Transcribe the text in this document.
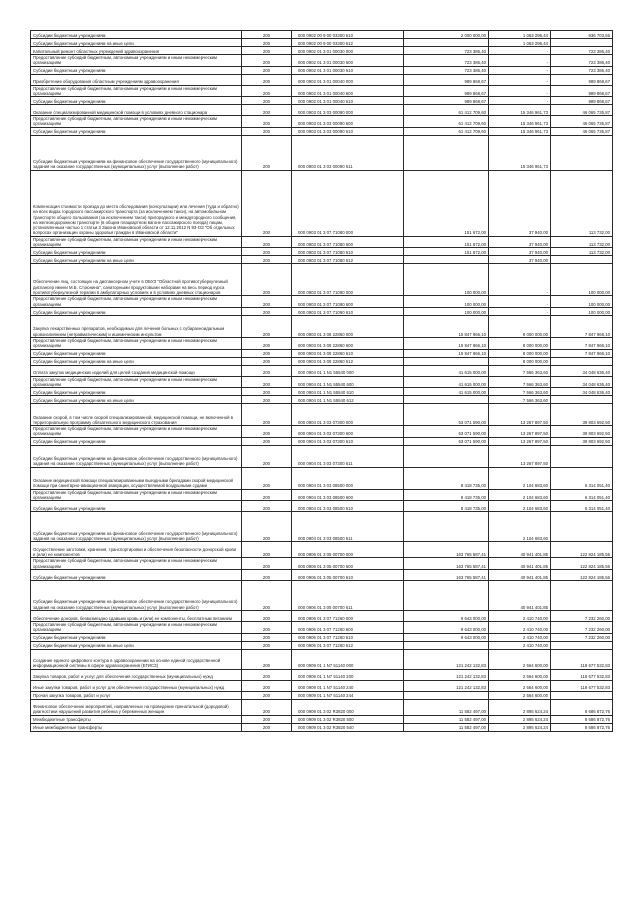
Субсидии бюджетным учреждениям	200	000 0902 00 9 00 03300 610	2 000 000,00	1 063 296,44	936 703,56
Субсидии бюджетным учреждениям на иные цели	200	000 0902 00 9 00 03300 612		1 063 296,44	
Капитальный ремонт областных учреждений здравоохранения	200	000 0902 01 3 01 00030 000	723 386,40	-	723 386,40
Предоставление субсидий бюджетным, автономным учреждениям и иным некоммерческим организациям	200	000 0902 01 3 01 00030 600	723 386,40	-	723 386,40
Субсидии бюджетным учреждениям	200	000 0902 01 3 01 00030 610	723 386,40	-	723 386,40
Приобретение оборудования областным учреждениям здравоохранения	200	000 0902 01 3 01 00040 000	989 868,67	-	989 868,67
Предоставление субсидий бюджетным, автономным учреждениям и иным некоммерческим организациям	200	000 0902 01 3 01 00040 600	989 868,67	-	989 868,67
Субсидии бюджетным учреждениям	200	000 0902 01 3 01 00040 610	989 868,67	-	989 868,67
Оказание специализированной медицинской помощи в условиях дневного стационара	200	000 0903 01 3 03 00090 000	61 412 709,60	15 346 961,73	46 065 735,87
Предоставление субсидий бюджетным, автономным учреждениям и иным некоммерческим организациям	200	000 0903 01 3 03 00090 600	61 412 709,60	15 346 961,73	46 065 735,87
Субсидии бюджетным учреждениям	200	000 0903 01 3 03 00090 610	61 412 709,60	15 346 961,73	46 065 735,87
Субсидии бюджетным учреждениям на финансовое обеспечение государственного (муниципального) задания на оказание государственных (муниципальных) услуг (выполнение работ)	200	000 0903 01 3 03 00090 611		15 346 961,73	
Компенсация стоимости проезда до места обследования (консультации) или лечения (туда и обратно) на всех видах городского пассажирского транспорта (за исключением такси), на автомобильном транспорте общего пользования (за исключением такси) пригородного и междугородного сообщения, на железнодорожном транспорте (в общем плацкартном вагоне пассажирского поезда) лицам, установленным частью 1 статьи 3 Закона Ивановской области от 12.11.2012 N 93-ОЗ "Об отдельных вопросах организации охраны здоровья граждан в Ивановской области"	200	000 0903 01 3 07 71080 000	151 672,00	37 940,00	113 732,00
Предоставление субсидий бюджетным, автономным учреждениям и иным некоммерческим организациям	200	000 0903 01 3 07 71080 600	151 672,00	37 940,00	113 732,00
Субсидии бюджетным учреждениям	200	000 0903 01 3 07 71080 610	151 672,00	37 940,00	113 732,00
Субсидии бюджетным учреждениям на иные цели	200	000 0903 01 3 07 71080 612		37 940,00	
Обеспечение лиц, состоящих на диспансерном учете в ОБУЗ "Областной противотуберкулезный диспансер имени М.Б. Стоюнина", санаторными продуктовыми наборами на весь период курса противотуберкулезной терапии в амбулаторных условиях и в условиях дневных стационаров	200	000 0903 01 3 07 71090 000	100 000,00	-	100 000,00
Предоставление субсидий бюджетным, автономным учреждениям и иным некоммерческим организациям	200	000 0903 01 3 07 71090 600	100 000,00	-	100 000,00
Субсидии бюджетным учреждениям	200	000 0903 01 3 07 71090 610	100 000,00	-	100 000,00
Закупка лекарственных препаратов, необходимых для лечения больных с субарахноидальным кровоизлиянием (нетравматическим) и ишемическим инсультом	200	000 0903 01 3 08 22860 000	15 847 966,10	8 000 000,00	7 847 966,10
Предоставление субсидий бюджетным, автономным учреждениям и иным некоммерческим организациям	200	000 0903 01 3 08 22860 600	15 847 966,10	8 000 000,00	7 847 966,10
Субсидии бюджетным учреждениям	200	000 0903 01 3 08 22860 610	15 847 966,10	8 000 000,00	7 847 966,10
Субсидии бюджетным учреждениям на иные цели	200	000 0903 01 3 08 22860 612		8 000 000,00	
Оплата закупок медицинских изделий для целей создания медицинской помощи	200	000 0904 01 1 N1 55540 000	41 615 000,00	7 566 363,60	34 048 636,40
Предоставление субсидий бюджетным, автономным учреждениям и иным некоммерческим организациям	200	000 0904 01 1 N1 55540 600	41 615 000,00	7 566 363,60	34 048 636,40
Субсидии бюджетным учреждениям	200	000 0904 01 1 N1 55540 610	41 615 000,00	7 566 363,60	34 048 636,40
Субсидии бюджетным учреждениям на иные цели	200	000 0904 01 1 N1 55540 612		7 566 363,60	
Оказание скорой, в том числе скорой специализированной, медицинской помощи, не включенной в территориальную программу обязательного медицинского страхования	200	000 0904 01 3 03 07300 000	53 071 590,00	13 267 897,50	39 803 692,50
Предоставление субсидий бюджетным, автономным учреждениям и иным некоммерческим организациям	200	000 0904 01 3 03 07300 600	53 071 590,00	13 267 897,50	39 803 692,50
Субсидии бюджетным учреждениям	200	000 0904 01 3 03 07300 610	53 071 590,00	13 267 897,50	39 803 692,50
Субсидии бюджетным учреждениям на финансовое обеспечение государственного (муниципального) задания на оказание государственных (муниципальных) услуг (выполнение работ)	200	000 0904 01 3 03 07300 611		13 267 897,50	
Оказание медицинской помощи специализированными выездными бригадами скорой медицинской помощи при санитарно-авиационной эвакуации, осуществляемой воздушными судами	200	000 0904 01 3 03 08500 000	8 418 735,00	2 104 683,60	6 314 051,40
Предоставление субсидий бюджетным, автономным учреждениям и иным некоммерческим организациям	200	000 0904 01 3 03 08500 600	8 418 735,00	2 104 683,60	6 314 051,40
Субсидии бюджетным учреждениям	200	000 0904 01 3 03 08500 610	8 418 735,00	2 104 683,60	6 314 051,40
Субсидии бюджетным учреждениям на финансовое обеспечение государственного (муниципального) задания на оказание государственных (муниципальных) услуг (выполнение работ)	200	000 0904 01 3 03 08500 611		2 104 683,60	
Осуществление заготовки, хранения, транспортировки и обеспечения безопасности донорской крови и (или) ее компонентов	200	000 0906 01 3 05 00700 000	163 765 587,41	40 941 401,85	122 824 185,56
Предоставление субсидий бюджетным, автономным учреждениям и иным некоммерческим организациям	200	000 0906 01 3 05 00700 600	163 765 587,41	40 941 401,85	122 824 185,56
Субсидии бюджетным учреждениям	200	000 0906 01 3 05 00700 610	163 765 587,41	40 941 401,85	122 824 185,56
Субсидии бюджетным учреждениям на финансовое обеспечение государственного (муниципального) задания на оказание государственных (муниципальных) услуг (выполнение работ)	200	000 0906 01 3 05 00700 611		40 941 401,85	
Обеспечение доноров, безвозмездно сдавших кровь и (или) ее компоненты, бесплатным питанием	200	000 0906 01 3 07 71260 000	9 643 000,00	2 410 740,00	7 232 260,00
Предоставление субсидий бюджетным, автономным учреждениям и иным некоммерческим организациям	200	000 0906 01 3 07 71260 600	9 643 000,00	2 410 740,00	7 232 260,00
Субсидии бюджетным учреждениям	200	000 0906 01 3 07 71260 610	9 643 000,00	2 410 740,00	7 232 260,00
Субсидии бюджетным учреждениям на иные цели	200	000 0906 01 3 07 71260 612		2 410 740,00	
Создание единого цифрового контура в здравоохранении на основе единой государственной информационной системы в сфере здравоохранения (ЕГИСЗ)	200	000 0909 01 1 N7 51140 000	121 242 132,83	2 564 600,00	118 677 532,83
Закупка товаров, работ и услуг для обеспечения государственных (муниципальных) нужд	200	000 0909 01 1 N7 51140 200	121 242 132,83	2 564 600,00	118 677 532,83
Иные закупки товаров, работ и услуг для обеспечения государственных (муниципальных) нужд	200	000 0909 01 1 N7 51140 240	121 242 132,83	2 564 600,00	118 677 532,83
Прочая закупка товаров, работ и услуг	200	000 0909 01 1 N7 51140 244		2 564 600,00	
Финансовое обеспечение мероприятий, направленных на проведение пренатальной (дородовой) диагностики нарушений развития ребенка у беременных женщин	200	000 0909 01 3 02 R3820 000	11 582 497,00	2 895 624,24	8 686 872,76
Межбюджетные трансферты	200	000 0909 01 3 02 R3820 500	11 582 497,00	2 895 624,24	8 686 872,76
Иные межбюджетные трансферты	200	000 0909 01 3 02 R3820 540	11 582 497,00	2 895 624,24	8 686 872,76
